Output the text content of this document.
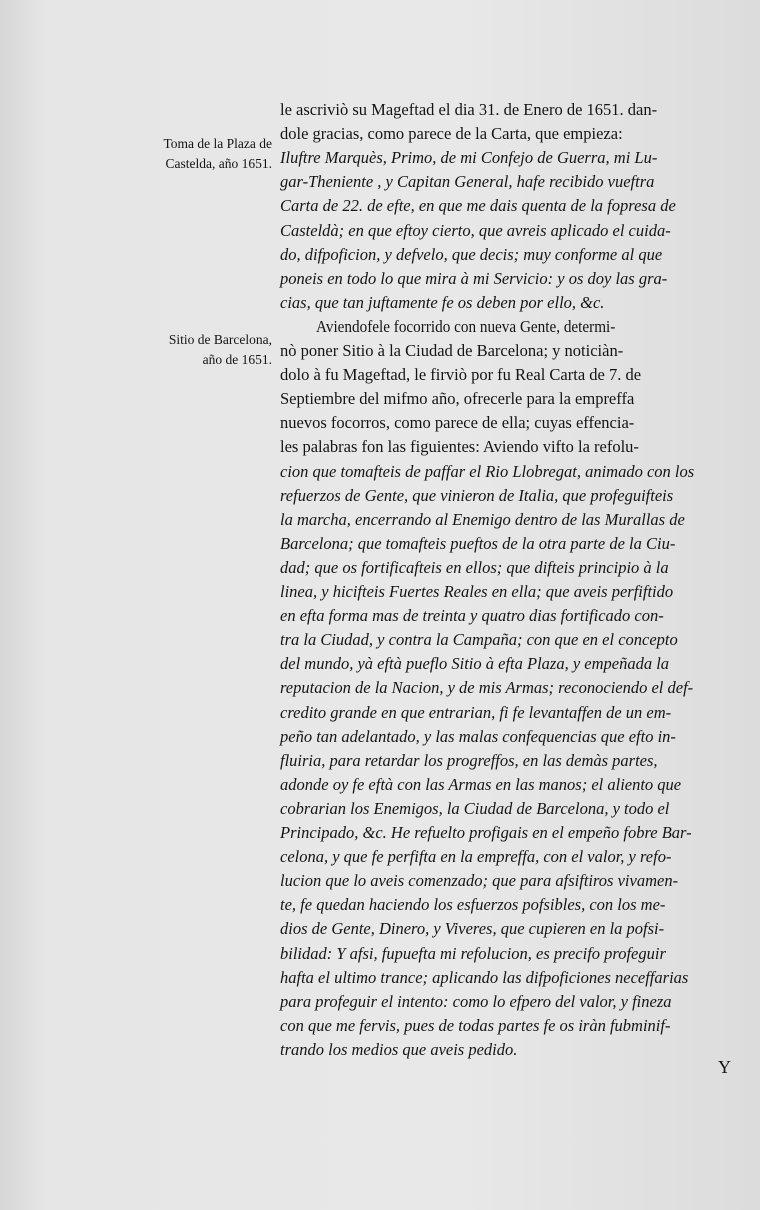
Toma de la Plaza de
Castelda, año 1651.
Sitio de Barcelona,
año de 1651.
le ascriviò su Mageftad el dia 31. de Enero de 1651. dan-
dole gracias, como parece de la Carta, que empieza:
Iluftre Marquès, Primo, de mi Confejo de Guerra, mi Lu-
gar-Theniente , y Capitan General, hafe recibido vueftra
Carta de 22. de efte, en que me dais quenta de la fopresa de
Casteldà; en que eftoy cierto, que avreis aplicado el cuida-
do, difpoficion, y defvelo, que decis; muy conforme al que
poneis en todo lo que mira à mi Servicio: y os doy las gra-
cias, que tan juftamente fe os deben por ello, &c.
Aviendofele focorrido con nueva Gente, determi-
nò poner Sitio à la Ciudad de Barcelona; y noticiàn-
dolo à fu Mageftad, le firviò por fu Real Carta de 7. de
Septiembre del mifmo año, ofrecerle para la empreffa
nuevos focorros, como parece de ella; cuyas effencia-
les palabras fon las figuientes: Aviendo vifto la refolu-
cion que tomafteis de paffar el Rio Llobregat, animado con los
refuerzos de Gente, que vinieron de Italia, que profeguifteis
la marcha, encerrando al Enemigo dentro de las Murallas de
Barcelona; que tomafteis pueftos de la otra parte de la Ciu-
dad; que os fortificafteis en ellos; que difteis principio à la
linea, y hicifteis Fuertes Reales en ella; que aveis perfiftido
en efta forma mas de treinta y quatro dias fortificado con-
tra la Ciudad, y contra la Campaña; con que en el concepto
del mundo, yà eftà pueflo Sitio à efta Plaza, y empeñada la
reputacion de la Nacion, y de mis Armas; reconociendo el def-
credito grande en que entrarian, fi fe levantaffen de un em-
peño tan adelantado, y las malas confequencias que efto in-
fluiria, para retardar los progreffos, en las demàs partes,
adonde oy fe eftà con las Armas en las manos; el aliento que
cobrarian los Enemigos, la Ciudad de Barcelona, y todo el
Principado, &c. He refuelto profigais en el empeño fobre Bar-
celona, y que fe perfifta en la empreffa, con el valor, y refo-
lucion que lo aveis comenzado; que para afsiftiros vivamen-
te, fe quedan haciendo los esfuerzos pofsibles, con los me-
dios de Gente, Dinero, y Viveres, que cupieren en la pofsi-
bilidad: Y afsi, fupuefta mi refolucion, es precifo profeguir
hafta el ultimo trance; aplicando las difpoficiones neceffarias
para profeguir el intento: como lo efpero del valor, y fineza
con que me fervis, pues de todas partes fe os iràn fubminif-
trando los medios que aveis pedido.
Y
